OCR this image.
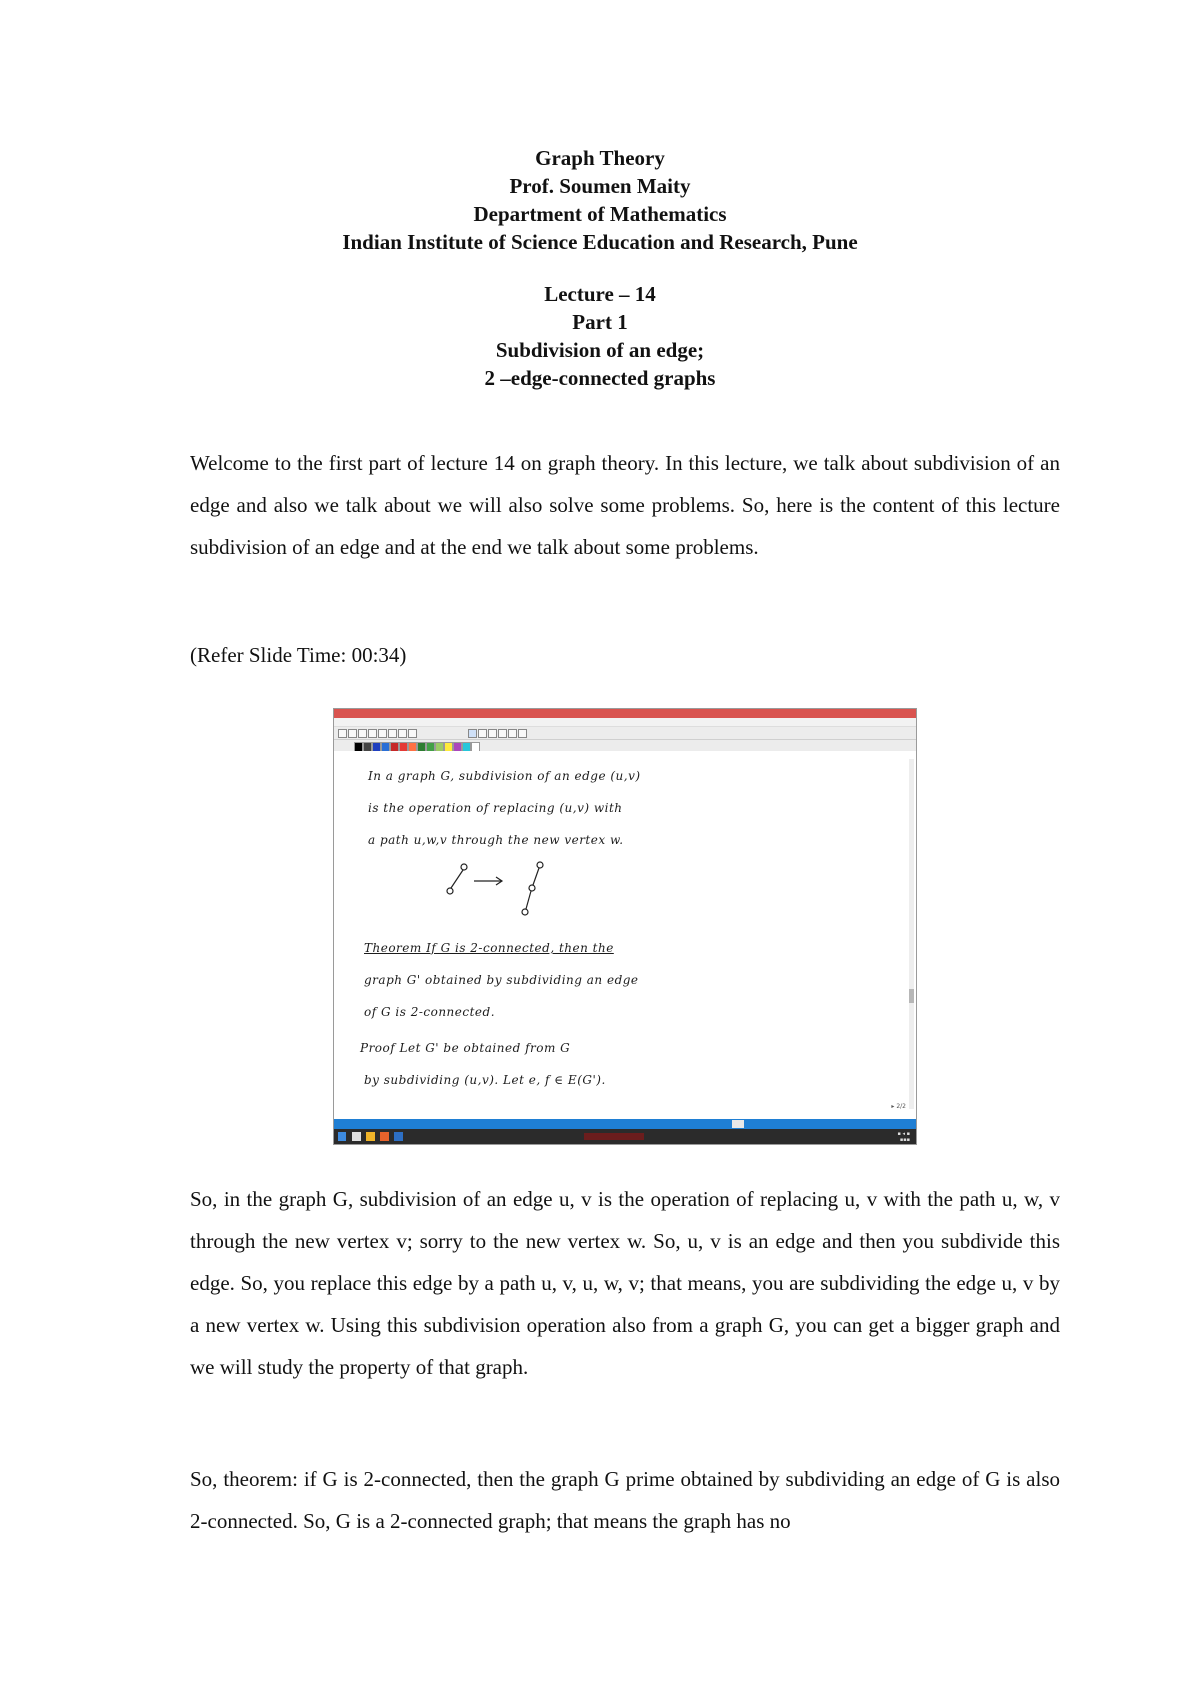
Graph Theory
Prof. Soumen Maity
Department of Mathematics
Indian Institute of Science Education and Research, Pune
Lecture – 14
Part 1
Subdivision of an edge;
2 –edge-connected graphs

Welcome to the first part of lecture 14 on graph theory. In this lecture, we talk about subdivision of an edge and also we talk about we will also solve some problems. So, here is the content of this lecture subdivision of an edge and at the end we talk about some problems.

(Refer Slide Time: 00:34)

In a graph G, subdivision of an edge (u,v)
is the operation of replacing (u,v) with
a path u,w,v through the new vertex w.
Theorem If G is 2-connected, then the
graph G' obtained by subdividing an edge
of G is 2-connected.
Proof Let G' be obtained from G
by subdividing (u,v). Let e, f ∈ E(G').
▸ 2/2
▪ ◂ ▪
▪▪▪

So, in the graph G, subdivision of an edge u, v is the operation of replacing u, v with the path u, w, v through the new vertex v; sorry to the new vertex w. So, u, v is an edge and then you subdivide this edge. So, you replace this edge by a path u, v, u, w, v; that means, you are subdividing the edge u, v by a new vertex w. Using this subdivision operation also from a graph G, you can get a bigger graph and we will study the property of that graph.

So, theorem: if G is 2-connected, then the graph G prime obtained by subdividing an edge of G is also 2-connected. So, G is a 2-connected graph; that means the graph has no
